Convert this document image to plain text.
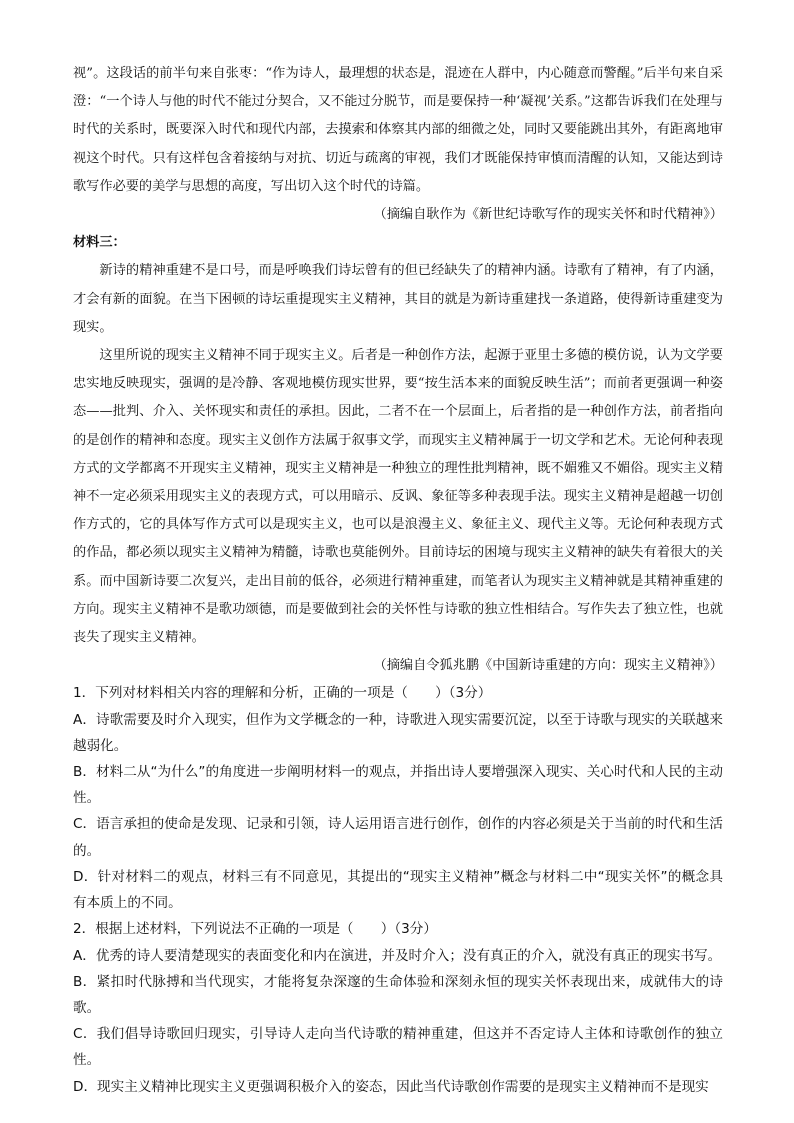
视”。这段话的前半句来自张枣：“作为诗人，最理想的状态是，混迹在人群中，内心随意而警醒。”后半句来自采澄：“一个诗人与他的时代不能过分契合，又不能过分脱节，而是要保持一种‘凝视’关系。”这都告诉我们在处理与时代的关系时，既要深入时代和现代内部，去摸索和体察其内部的细微之处，同时又要能跳出其外，有距离地审视这个时代。只有这样包含着接纳与对抗、切近与疏离的审视，我们才既能保持审慎而清醒的认知，又能达到诗歌写作必要的美学与思想的高度，写出切入这个时代的诗篇。

（摘编自耿作为《新世纪诗歌写作的现实关怀和时代精神》）

材料三：

新诗的精神重建不是口号，而是呼唤我们诗坛曾有的但已经缺失了的精神内涵。诗歌有了精神，有了内涵，才会有新的面貌。在当下困顿的诗坛重提现实主义精神，其目的就是为新诗重建找一条道路，使得新诗重建变为现实。

这里所说的现实主义精神不同于现实主义。后者是一种创作方法，起源于亚里士多德的模仿说，认为文学要忠实地反映现实，强调的是冷静、客观地模仿现实世界，要“按生活本来的面貌反映生活”；而前者更强调一种姿态——批判、介入、关怀现实和责任的承担。因此，二者不在一个层面上，后者指的是一种创作方法，前者指向的是创作的精神和态度。现实主义创作方法属于叙事文学，而现实主义精神属于一切文学和艺术。无论何种表现方式的文学都离不开现实主义精神，现实主义精神是一种独立的理性批判精神，既不媚雅又不媚俗。现实主义精神不一定必须采用现实主义的表现方式，可以用暗示、反讽、象征等多种表现手法。现实主义精神是超越一切创作方式的，它的具体写作方式可以是现实主义，也可以是浪漫主义、象征主义、现代主义等。无论何种表现方式的作品，都必须以现实主义精神为精髓，诗歌也莫能例外。目前诗坛的困境与现实主义精神的缺失有着很大的关系。而中国新诗要二次复兴，走出目前的低谷，必须进行精神重建，而笔者认为现实主义精神就是其精神重建的方向。现实主义精神不是歌功颂德，而是要做到社会的关怀性与诗歌的独立性相结合。写作失去了独立性，也就丧失了现实主义精神。

（摘编自令狐兆鹏《中国新诗重建的方向：现实主义精神》）

1．下列对材料相关内容的理解和分析，正确的一项是（　　）（3分）

A．诗歌需要及时介入现实，但作为文学概念的一种，诗歌进入现实需要沉淀，以至于诗歌与现实的关联越来越弱化。

B．材料二从“为什么”的角度进一步阐明材料一的观点，并指出诗人要增强深入现实、关心时代和人民的主动性。

C．语言承担的使命是发现、记录和引领，诗人运用语言进行创作，创作的内容必须是关于当前的时代和生活的。

D．针对材料二的观点，材料三有不同意见，其提出的“现实主义精神”概念与材料二中“现实关怀”的概念具有本质上的不同。

2．根据上述材料，下列说法不正确的一项是（　　）（3分）

A．优秀的诗人要清楚现实的表面变化和内在演进，并及时介入；没有真正的介入，就没有真正的现实书写。

B．紧扣时代脉搏和当代现实，才能将复杂深邃的生命体验和深刻永恒的现实关怀表现出来，成就伟大的诗歌。

C．我们倡导诗歌回归现实，引导诗人走向当代诗歌的精神重建，但这并不否定诗人主体和诗歌创作的独立性。

D．现实主义精神比现实主义更强调积极介入的姿态，因此当代诗歌创作需要的是现实主义精神而不是现实
